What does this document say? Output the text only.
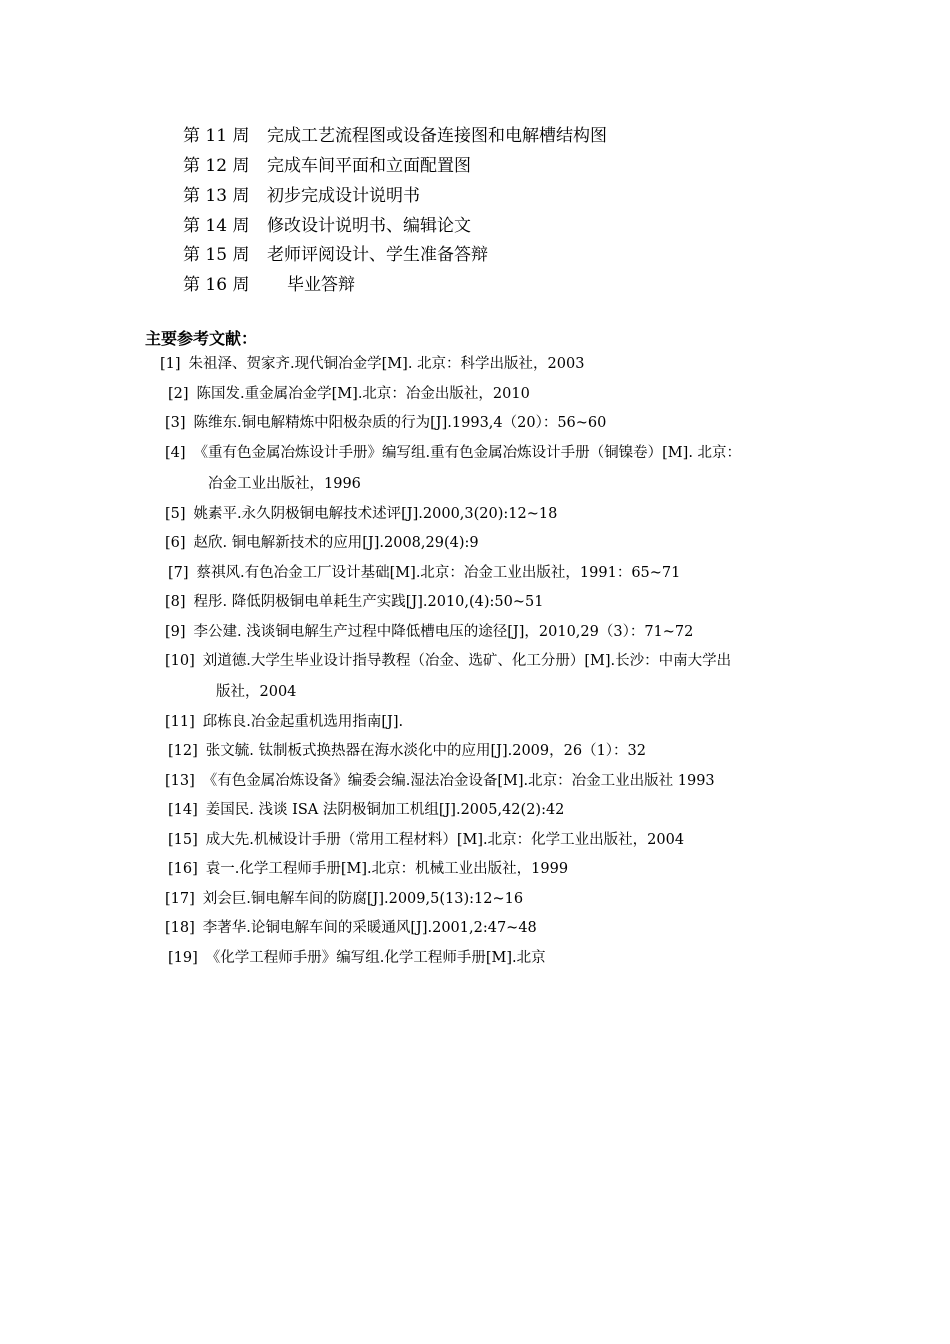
第 11 周 完成工艺流程图或设备连接图和电解槽结构图
第 12 周 完成车间平面和立面配置图
第 13 周 初步完成设计说明书
第 14 周 修改设计说明书、编辑论文
第 15 周 老师评阅设计、学生准备答辩
第 16 周 毕业答辩
主要参考文献：
[1] 朱祖泽、贺家齐.现代铜冶金学[M]. 北京：科学出版社，2003
[2] 陈国发.重金属冶金学[M].北京：冶金出版社，2010
[3] 陈维东.铜电解精炼中阳极杂质的行为[J].1993,4（20）：56~60
[4] 《重有色金属冶炼设计手册》编写组.重有色金属冶炼设计手册（铜镍卷）[M]. 北京：
冶金工业出版社，1996
[5] 姚素平.永久阴极铜电解技术述评[J].2000,3(20):12~18
[6] 赵欣. 铜电解新技术的应用[J].2008,29(4):9
[7] 蔡祺风.有色冶金工厂设计基础[M].北京：冶金工业出版社，1991：65~71
[8] 程彤. 降低阴极铜电单耗生产实践[J].2010,(4):50~51
[9] 李公建. 浅谈铜电解生产过程中降低槽电压的途径[J]，2010,29（3）：71~72
[10] 刘道德.大学生毕业设计指导教程（冶金、选矿、化工分册）[M].长沙：中南大学出
版社，2004
[11] 邱栋良.冶金起重机选用指南[J].
[12] 张文毓. 钛制板式换热器在海水淡化中的应用[J].2009，26（1）：32
[13] 《有色金属冶炼设备》编委会编.湿法冶金设备[M].北京：冶金工业出版社 1993
[14] 姜国民. 浅谈 ISA 法阴极铜加工机组[J].2005,42(2):42
[15] 成大先.机械设计手册（常用工程材料）[M].北京：化学工业出版社，2004
[16] 袁一.化学工程师手册[M].北京：机械工业出版社，1999
[17] 刘会巨.铜电解车间的防腐[J].2009,5(13):12~16
[18] 李著华.论铜电解车间的采暖通风[J].2001,2:47~48
[19] 《化学工程师手册》编写组.化学工程师手册[M].北京
